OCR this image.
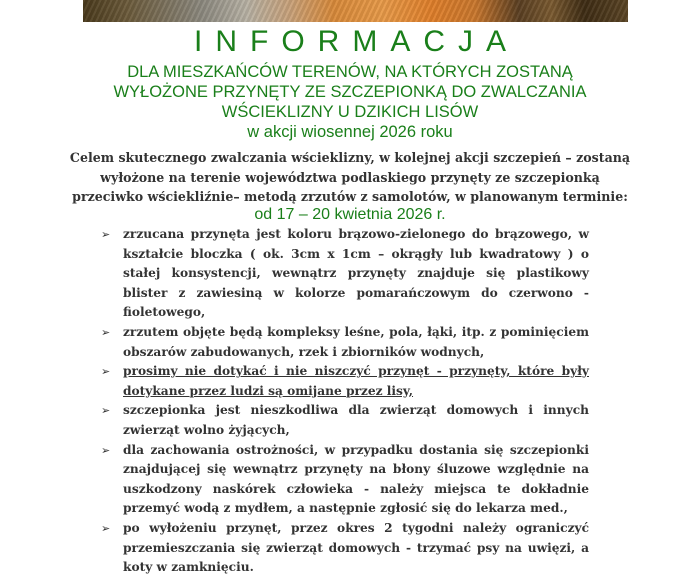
INFORMACJA
DLA MIESZKAŃCÓW TERENÓW, NA KTÓRYCH ZOSTANĄ
WYŁOŻONE PRZYNĘTY ZE SZCZEPIONKĄ DO ZWALCZANIA
WŚCIEKLIZNY U DZIKICH LISÓW
w akcji wiosennej 2026 roku
Celem skutecznego zwalczania wścieklizny, w kolejnej akcji szczepień – zostaną
wyłożone na terenie województwa podlaskiego przynęty ze szczepionką
przeciwko wściekliźnie– metodą zrzutów z samolotów, w planowanym terminie:
od 17 – 20 kwietnia 2026 r.
➢ zrzucana przynęta jest koloru brązowo-zielonego do brązowego, w kształcie bloczka ( ok. 3cm x 1cm – okrągły lub kwadratowy ) o stałej konsystencji, wewnątrz przynęty znajduje się plastikowy blister z zawiesiną w kolorze pomarańczowym do czerwono - fioletowego,
➢ zrzutem objęte będą kompleksy leśne, pola, łąki, itp. z pominięciem obszarów zabudowanych, rzek i zbiorników wodnych,
➢ prosimy nie dotykać i nie niszczyć przynęt - przynęty, które były dotykane przez ludzi są omijane przez lisy,
➢ szczepionka jest nieszkodliwa dla zwierząt domowych i innych zwierząt wolno żyjących,
➢ dla zachowania ostrożności, w przypadku dostania się szczepionki znajdującej się wewnątrz przynęty na błony śluzowe względnie na uszkodzony naskórek człowieka - należy miejsca te dokładnie przemyć wodą z mydłem, a następnie zgłosić się do lekarza med.,
➢ po wyłożeniu przynęt, przez okres 2 tygodni należy ograniczyć przemieszczania się zwierząt domowych - trzymać psy na uwięzi, a koty w zamknięciu.
